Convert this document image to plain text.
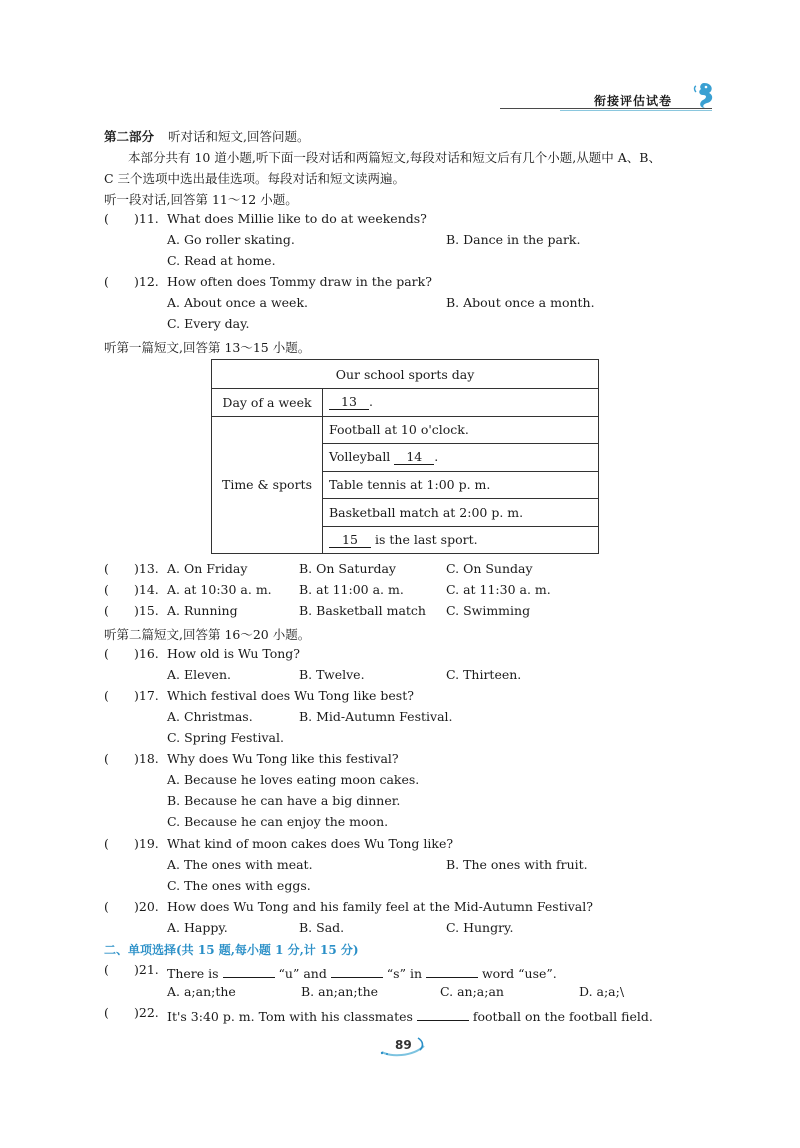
衔接评估试卷
第二部分 听对话和短文,回答问题。
本部分共有 10 道小题,听下面一段对话和两篇短文,每段对话和短文后有几个小题,从题中 A、B、
C 三个选项中选出最佳选项。每段对话和短文读两遍。
听一段对话,回答第 11～12 小题。
( )11. What does Millie like to do at weekends?
A. Go roller skating.	B. Dance in the park.
C. Read at home.
( )12. How often does Tommy draw in the park?
A. About once a week.	B. About once a month.
C. Every day.
听第一篇短文,回答第 13～15 小题。
Our school sports day	
Day of a week	13 .
Time & sports	Football at 10 o'clock.
	Volleyball 14 .
	Table tennis at 1:00 p. m.
	Basketball match at 2:00 p. m.
	15 is the last sport.
( )13. A. On Friday	B. On Saturday	C. On Sunday
( )14. A. at 10:30 a. m. B. at 11:00 a. m.	C. at 11:30 a. m.
( )15. A. Running	B. Basketball match C. Swimming
听第二篇短文,回答第 16～20 小题。
( )16. How old is Wu Tong?
A. Eleven.	B. Twelve.	C. Thirteen.
( )17. Which festival does Wu Tong like best?
A. Christmas.	B. Mid-Autumn Festival.
C. Spring Festival.
( )18. Why does Wu Tong like this festival?
A. Because he loves eating moon cakes.
B. Because he can have a big dinner.
C. Because he can enjoy the moon.
( )19. What kind of moon cakes does Wu Tong like?
A. The ones with meat.	B. The ones with fruit.
C. The ones with eggs.
( )20. How does Wu Tong and his family feel at the Mid-Autumn Festival?
A. Happy.	B. Sad.	C. Hungry.
二、单项选择(共 15 题,每小题 1 分,计 15 分)
( )21. There is	“u” and	“s” in	word “use”.
A. a;an;the	B. an;an;the	C. an;a;an	D. a;a;\
( )22. It's 3:40 p. m. Tom with his classmates	football on the football field.
89
